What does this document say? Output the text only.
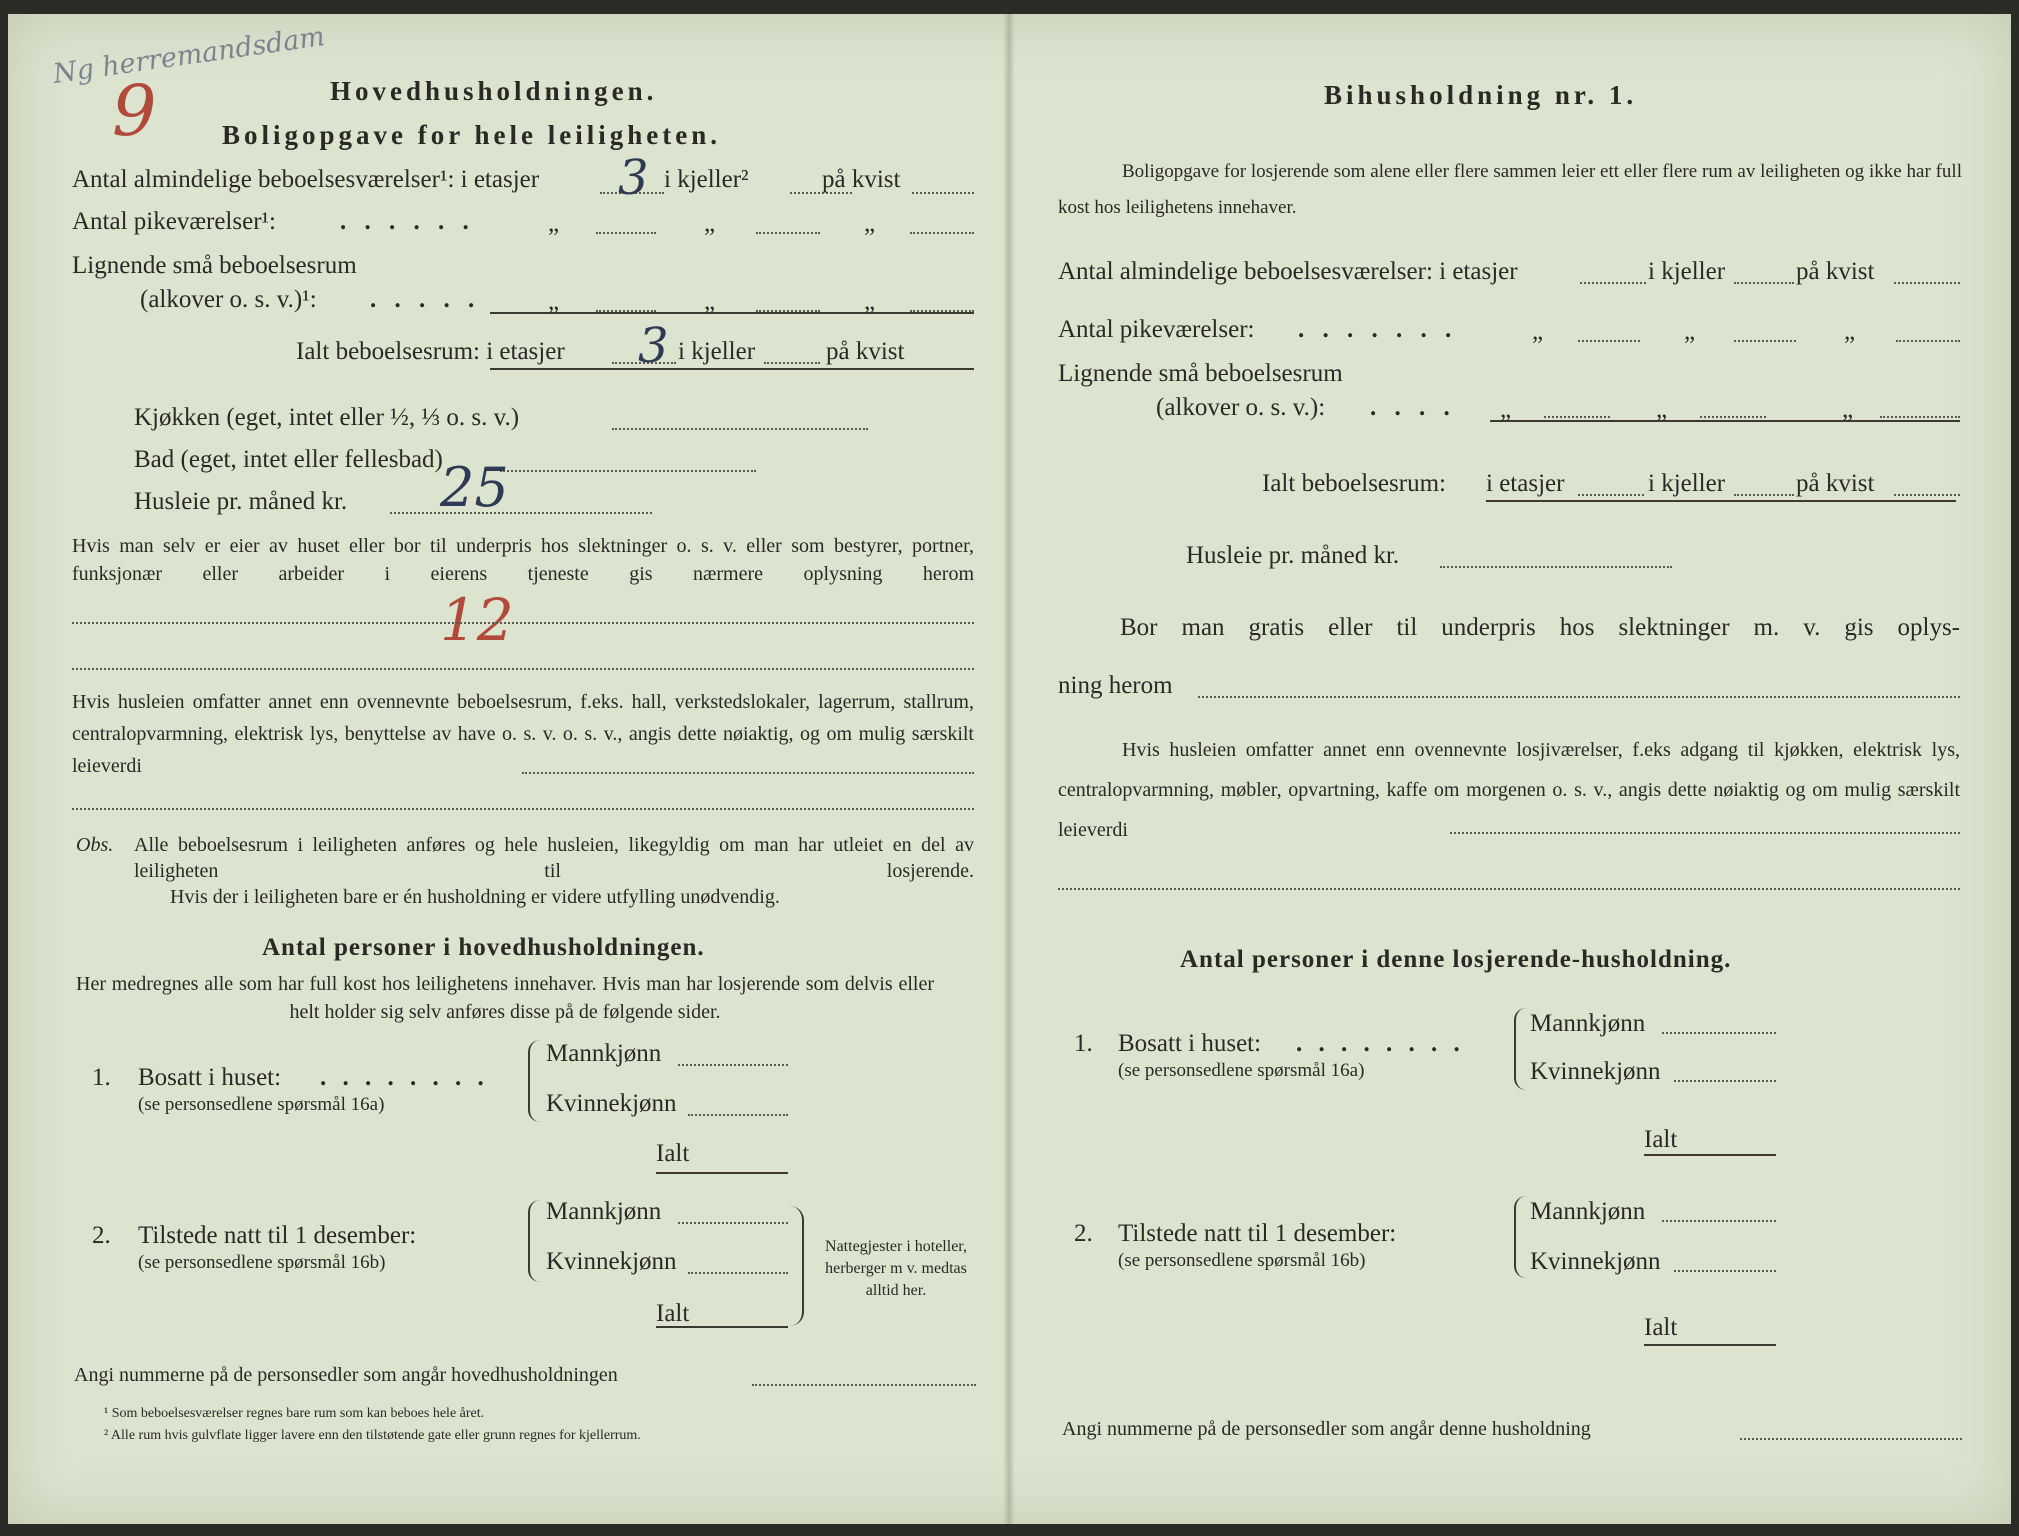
Ng herremandsdam
9	Hovedhusholdningen.
Boligopgave for hele leiligheten.
Antal almindelige beboelsesværelser¹: i etasjer 3 i kjeller²	på kvist
Antal pikeværelser¹:	. . . . . .	„	„	„
Lignende små beboelsesrum
(alkover o. s. v.)¹: . . . . .	„	„	„
Ialt beboelsesrum: i etasjer 3 i kjeller	på kvist
Kjøkken (eget, intet eller ½, ⅓ o. s. v.)
Bad (eget, intet eller fellesbad)
Husleie pr. måned kr. 25
Hvis man selv er eier av huset eller bor til underpris hos slektninger o. s. v. eller som bestyrer, portner, funksjonær eller arbeider i eierens tjeneste gis nærmere oplysning herom
12
Hvis husleien omfatter annet enn ovennevnte beboelsesrum, f.eks. hall, verkstedslokaler, lagerrum, stallrum, centralopvarmning, elektrisk lys, benyttelse av have o. s. v. o. s. v., angis dette nøiaktig, og om mulig særskilt leieverdi
Obs. Alle beboelsesrum i leiligheten anføres og hele husleien, likegyldig om man har utleiet en del av leiligheten til losjerende.
Hvis der i leiligheten bare er én husholdning er videre utfylling unødvendig.
Antal personer i hovedhusholdningen.
Her medregnes alle som har full kost hos leilighetens innehaver. Hvis man har losjerende som delvis eller helt holder sig selv anføres disse på de følgende sider.
1. Bosatt i huset: . . . . . . . .
(se personsedlene spørsmål 16a)
Mannkjønn
Kvinnekjønn
Ialt
2. Tilstede natt til 1 desember:
(se personsedlene spørsmål 16b)
Mannkjønn
Kvinnekjønn
Ialt
Nattegjester i hoteller, herberger m v. medtas alltid her.
Angi nummerne på de personsedler som angår hovedhusholdningen
¹ Som beboelsesværelser regnes bare rum som kan beboes hele året.
² Alle rum hvis gulvflate ligger lavere enn den tilstøtende gate eller grunn regnes for kjellerrum.
Bihusholdning nr. 1.
Boligopgave for losjerende som alene eller flere sammen leier ett eller flere rum av leiligheten og ikke har full kost hos leilighetens innehaver.
Antal almindelige beboelsesværelser: i etasjer	i kjeller	på kvist
Antal pikeværelser: . . . . . . .	„	„	„
Lignende små beboelsesrum
(alkover o. s. v.): . . . . „	„	„
Ialt beboelsesrum: i etasjer	i kjeller	på kvist
Husleie pr. måned kr.
Bor man gratis eller til underpris hos slektninger m. v. gis oplys-
ning herom
Hvis husleien omfatter annet enn ovennevnte losjiværelser, f.eks adgang til kjøkken, elektrisk lys, centralopvarmning, møbler, opvartning, kaffe om morgenen o. s. v., angis dette nøiaktig og om mulig særskilt leieverdi
Antal personer i denne losjerende-husholdning.
1. Bosatt i huset: . . . . . . . .
(se personsedlene spørsmål 16a)
Mannkjønn
Kvinnekjønn
Ialt
2. Tilstede natt til 1 desember:
(se personsedlene spørsmål 16b)
Mannkjønn
Kvinnekjønn
Ialt
Angi nummerne på de personsedler som angår denne husholdning
